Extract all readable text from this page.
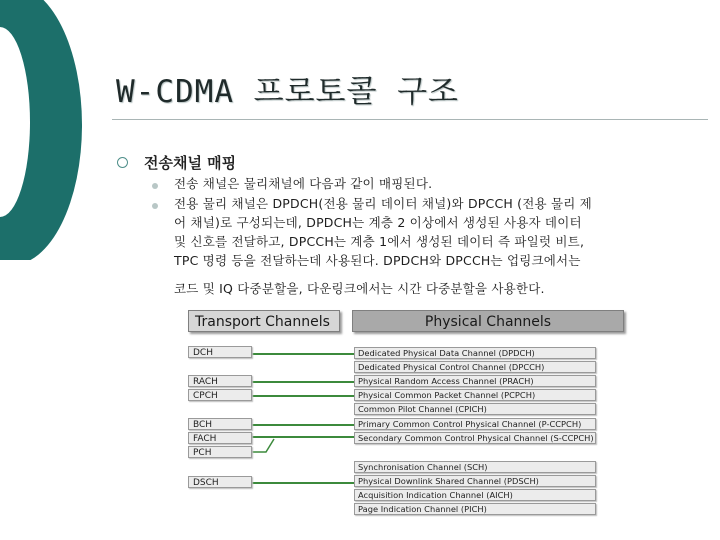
W-CDMA 프로토콜 구조
전송채널 매핑
전송 채널은 물리채널에 다음과 같이 매핑된다.
전용 물리 채널은 DPDCH(전용 물리 데이터 채널)와 DPCCH (전용 물리 제
어 채널)로 구성되는데, DPDCH는 계층 2 이상에서 생성된 사용자 데이터
및 신호를 전달하고, DPCCH는 계층 1에서 생성된 데이터 즉 파일럿 비트,
TPC 명령 등을 전달하는데 사용된다. DPDCH와 DPCCH는 업링크에서는
코드 및 IQ 다중분할을, 다운링크에서는 시간 다중분할을 사용한다.
Transport Channels	Physical Channels
DCH
RACH
CPCH
BCH
FACH
PCH
DSCH
Dedicated Physical Data Channel (DPDCH)
Dedicated Physical Control Channel (DPCCH)
Physical Random Access Channel (PRACH)
Physical Common Packet Channel (PCPCH)
Common Pilot Channel (CPICH)
Primary Common Control Physical Channel (P-CCPCH)
Secondary Common Control Physical Channel (S-CCPCH)
Synchronisation Channel (SCH)
Physical Downlink Shared Channel (PDSCH)
Acquisition Indication Channel (AICH)
Page Indication Channel (PICH)
